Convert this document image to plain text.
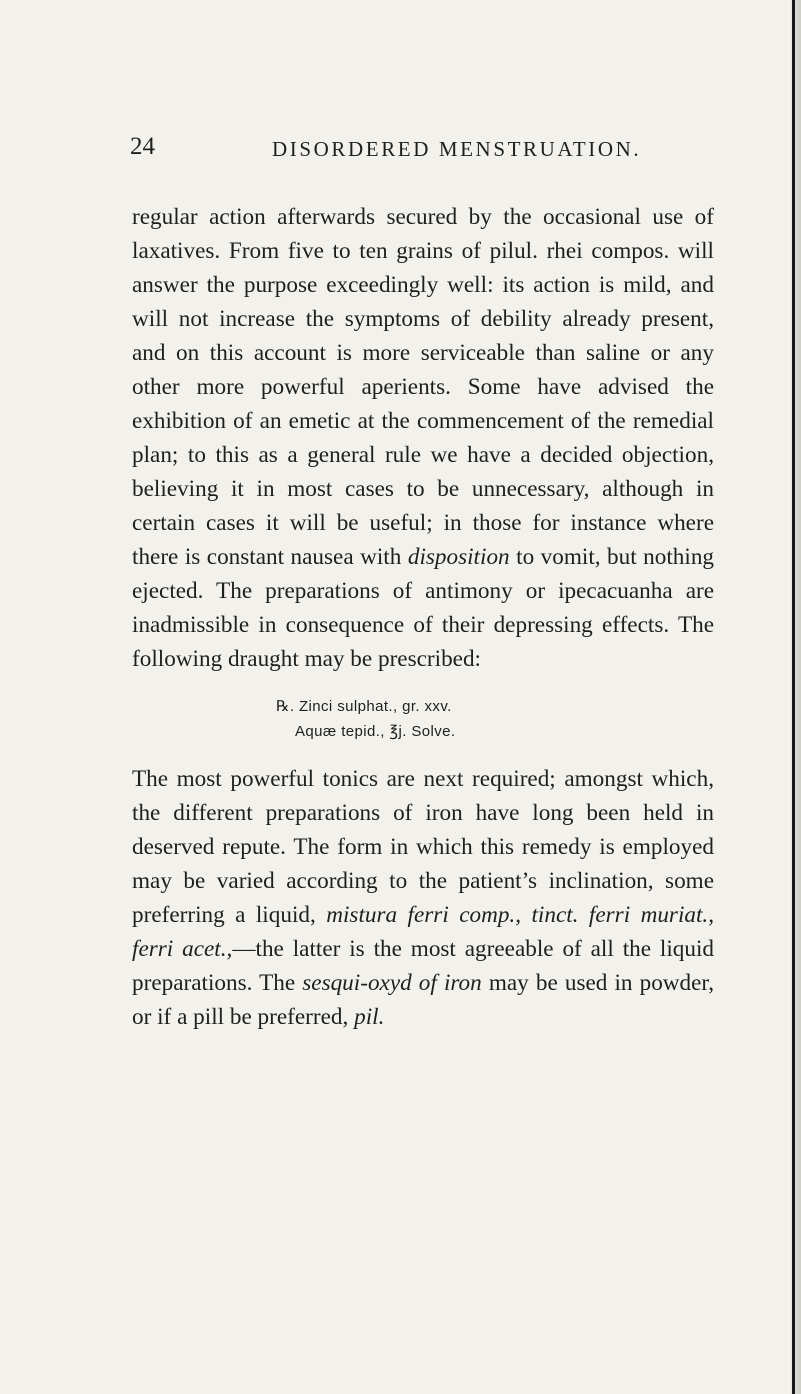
24	DISORDERED MENSTRUATION.

regular action afterwards secured by the occasional use of laxatives. From five to ten grains of pilul. rhei compos. will answer the purpose exceedingly well: its action is mild, and will not increase the symptoms of debility already present, and on this account is more serviceable than saline or any other more powerful aperients. Some have advised the exhibition of an emetic at the commencement of the remedial plan; to this as a general rule we have a decided objection, believing it in most cases to be unnecessary, although in certain cases it will be useful; in those for instance where there is constant nausea with disposition to vomit, but nothing ejected. The preparations of antimony or ipecacuanha are inadmissible in consequence of their depressing effects. The following draught may be prescribed:

℞. Zinci sulphat., gr. xxv.
Aquæ tepid., ℥j. Solve.

The most powerful tonics are next required; amongst which, the different preparations of iron have long been held in deserved repute. The form in which this remedy is employed may be varied according to the patient’s inclination, some preferring a liquid, mistura ferri comp., tinct. ferri muriat., ferri acet.,—the latter is the most agreeable of all the liquid preparations. The sesqui-oxyd of iron may be used in powder, or if a pill be preferred, pil.
